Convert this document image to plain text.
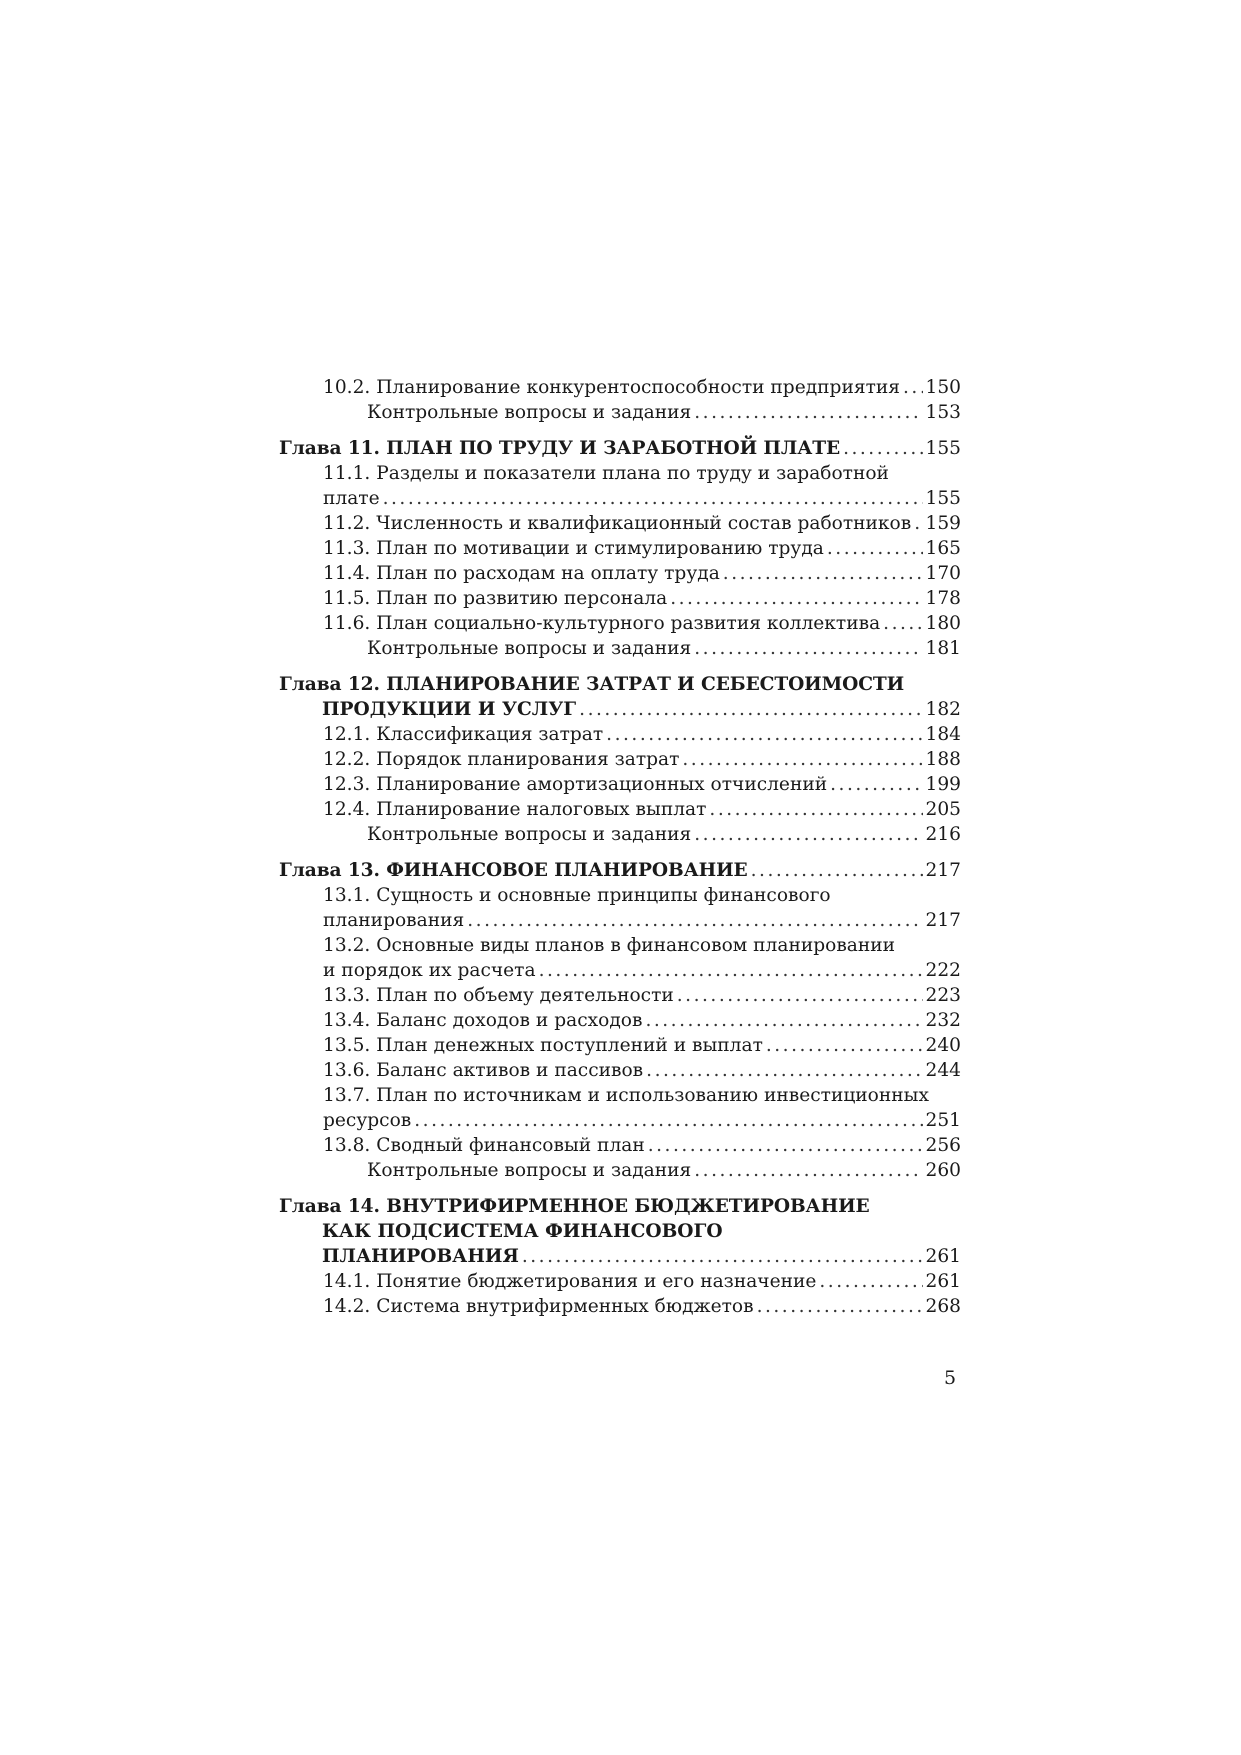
10.2. Планирование конкурентоспособности предприятия ..... 150
Контрольные вопросы и задания .....	153
Глава 11. ПЛАН ПО ТРУДУ И ЗАРАБОТНОЙ ПЛАТЕ .....	155
11.1. Разделы и показатели плана по труду и заработной
плате .....	155
11.2. Численность и квалификационный состав работников ..... 159
11.3. План по мотивации и стимулированию труда .....	165
11.4. План по расходам на оплату труда .....	170
11.5. План по развитию персонала .....	178
11.6. План социально-культурного развития коллектива ..... 180
Контрольные вопросы и задания .....	181
Глава 12. ПЛАНИРОВАНИЕ ЗАТРАТ И СЕБЕСТОИМОСТИ
ПРОДУКЦИИ И УСЛУГ .....	182
12.1. Классификация затрат .....	184
12.2. Порядок планирования затрат .....	188
12.3. Планирование амортизационных отчислений .....	199
12.4. Планирование налоговых выплат .....	205
Контрольные вопросы и задания .....	216
Глава 13. ФИНАНСОВОЕ ПЛАНИРОВАНИЕ .....	217
13.1. Сущность и основные принципы финансового
планирования .....	217
13.2. Основные виды планов в финансовом планировании
и порядок их расчета .....	222
13.3. План по объему деятельности .....	223
13.4. Баланс доходов и расходов .....	232
13.5. План денежных поступлений и выплат .....	240
13.6. Баланс активов и пассивов .....	244
13.7. План по источникам и использованию инвестиционных
ресурсов .....	251
13.8. Сводный финансовый план .....	256
Контрольные вопросы и задания .....	260
Глава 14. ВНУТРИФИРМЕННОЕ БЮДЖЕТИРОВАНИЕ
КАК ПОДСИСТЕМА ФИНАНСОВОГО
ПЛАНИРОВАНИЯ .....	261
14.1. Понятие бюджетирования и его назначение .....	261
14.2. Система внутрифирменных бюджетов .....	268
5
